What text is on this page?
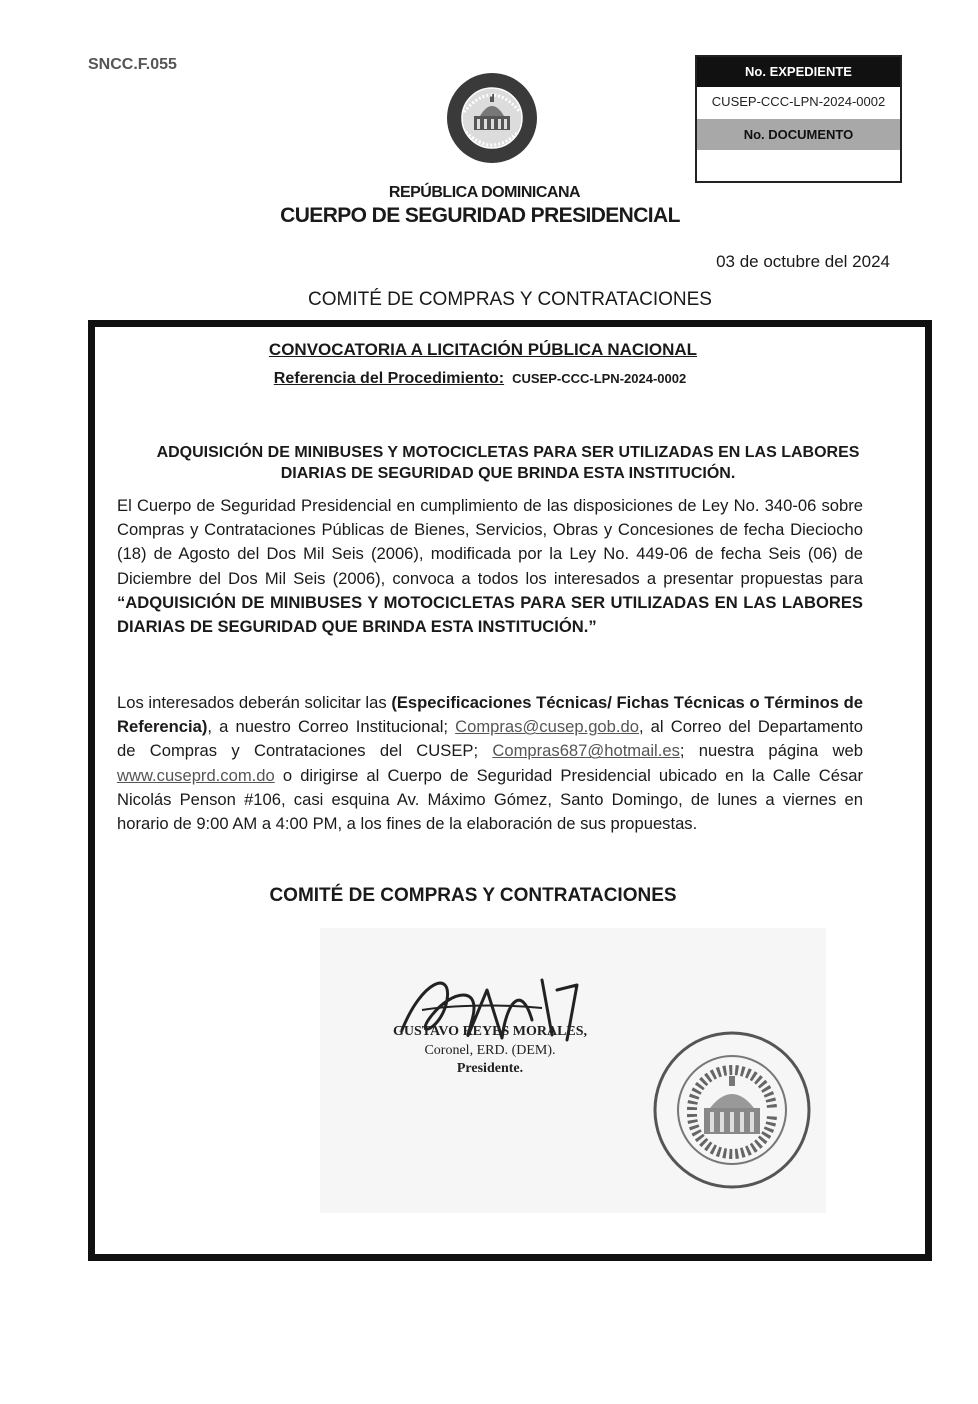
SNCC.F.055	No. EXPEDIENTE
CUSEP-CCC-LPN-2024-0002
No. DOCUMENTO
REPÚBLICA DOMINICANA
CUERPO DE SEGURIDAD PRESIDENCIAL
03 de octubre del 2024
COMITÉ DE COMPRAS Y CONTRATACIONES
CONVOCATORIA A LICITACIÓN PÚBLICA NACIONAL
Referencia del Procedimiento: CUSEP-CCC-LPN-2024-0002
ADQUISICIÓN DE MINIBUSES Y MOTOCICLETAS PARA SER UTILIZADAS EN LAS LABORES DIARIAS DE SEGURIDAD QUE BRINDA ESTA INSTITUCIÓN.
El Cuerpo de Seguridad Presidencial en cumplimiento de las disposiciones de Ley No. 340-06 sobre Compras y Contrataciones Públicas de Bienes, Servicios, Obras y Concesiones de fecha Dieciocho (18) de Agosto del Dos Mil Seis (2006), modificada por la Ley No. 449-06 de fecha Seis (06) de Diciembre del Dos Mil Seis (2006), convoca a todos los interesados a presentar propuestas para “ADQUISICIÓN DE MINIBUSES Y MOTOCICLETAS PARA SER UTILIZADAS EN LAS LABORES DIARIAS DE SEGURIDAD QUE BRINDA ESTA INSTITUCIÓN.”
Los interesados deberán solicitar las (Especificaciones Técnicas/ Fichas Técnicas o Términos de Referencia), a nuestro Correo Institucional; Compras@cusep.gob.do, al Correo del Departamento de Compras y Contrataciones del CUSEP; Compras687@hotmail.es; nuestra página web www.cuseprd.com.do o dirigirse al Cuerpo de Seguridad Presidencial ubicado en la Calle César Nicolás Penson #106, casi esquina Av. Máximo Gómez, Santo Domingo, de lunes a viernes en horario de 9:00 AM a 4:00 PM, a los fines de la elaboración de sus propuestas.
COMITÉ DE COMPRAS Y CONTRATACIONES
GUSTAVO REYES MORALES,
Coronel, ERD. (DEM).
Presidente.
